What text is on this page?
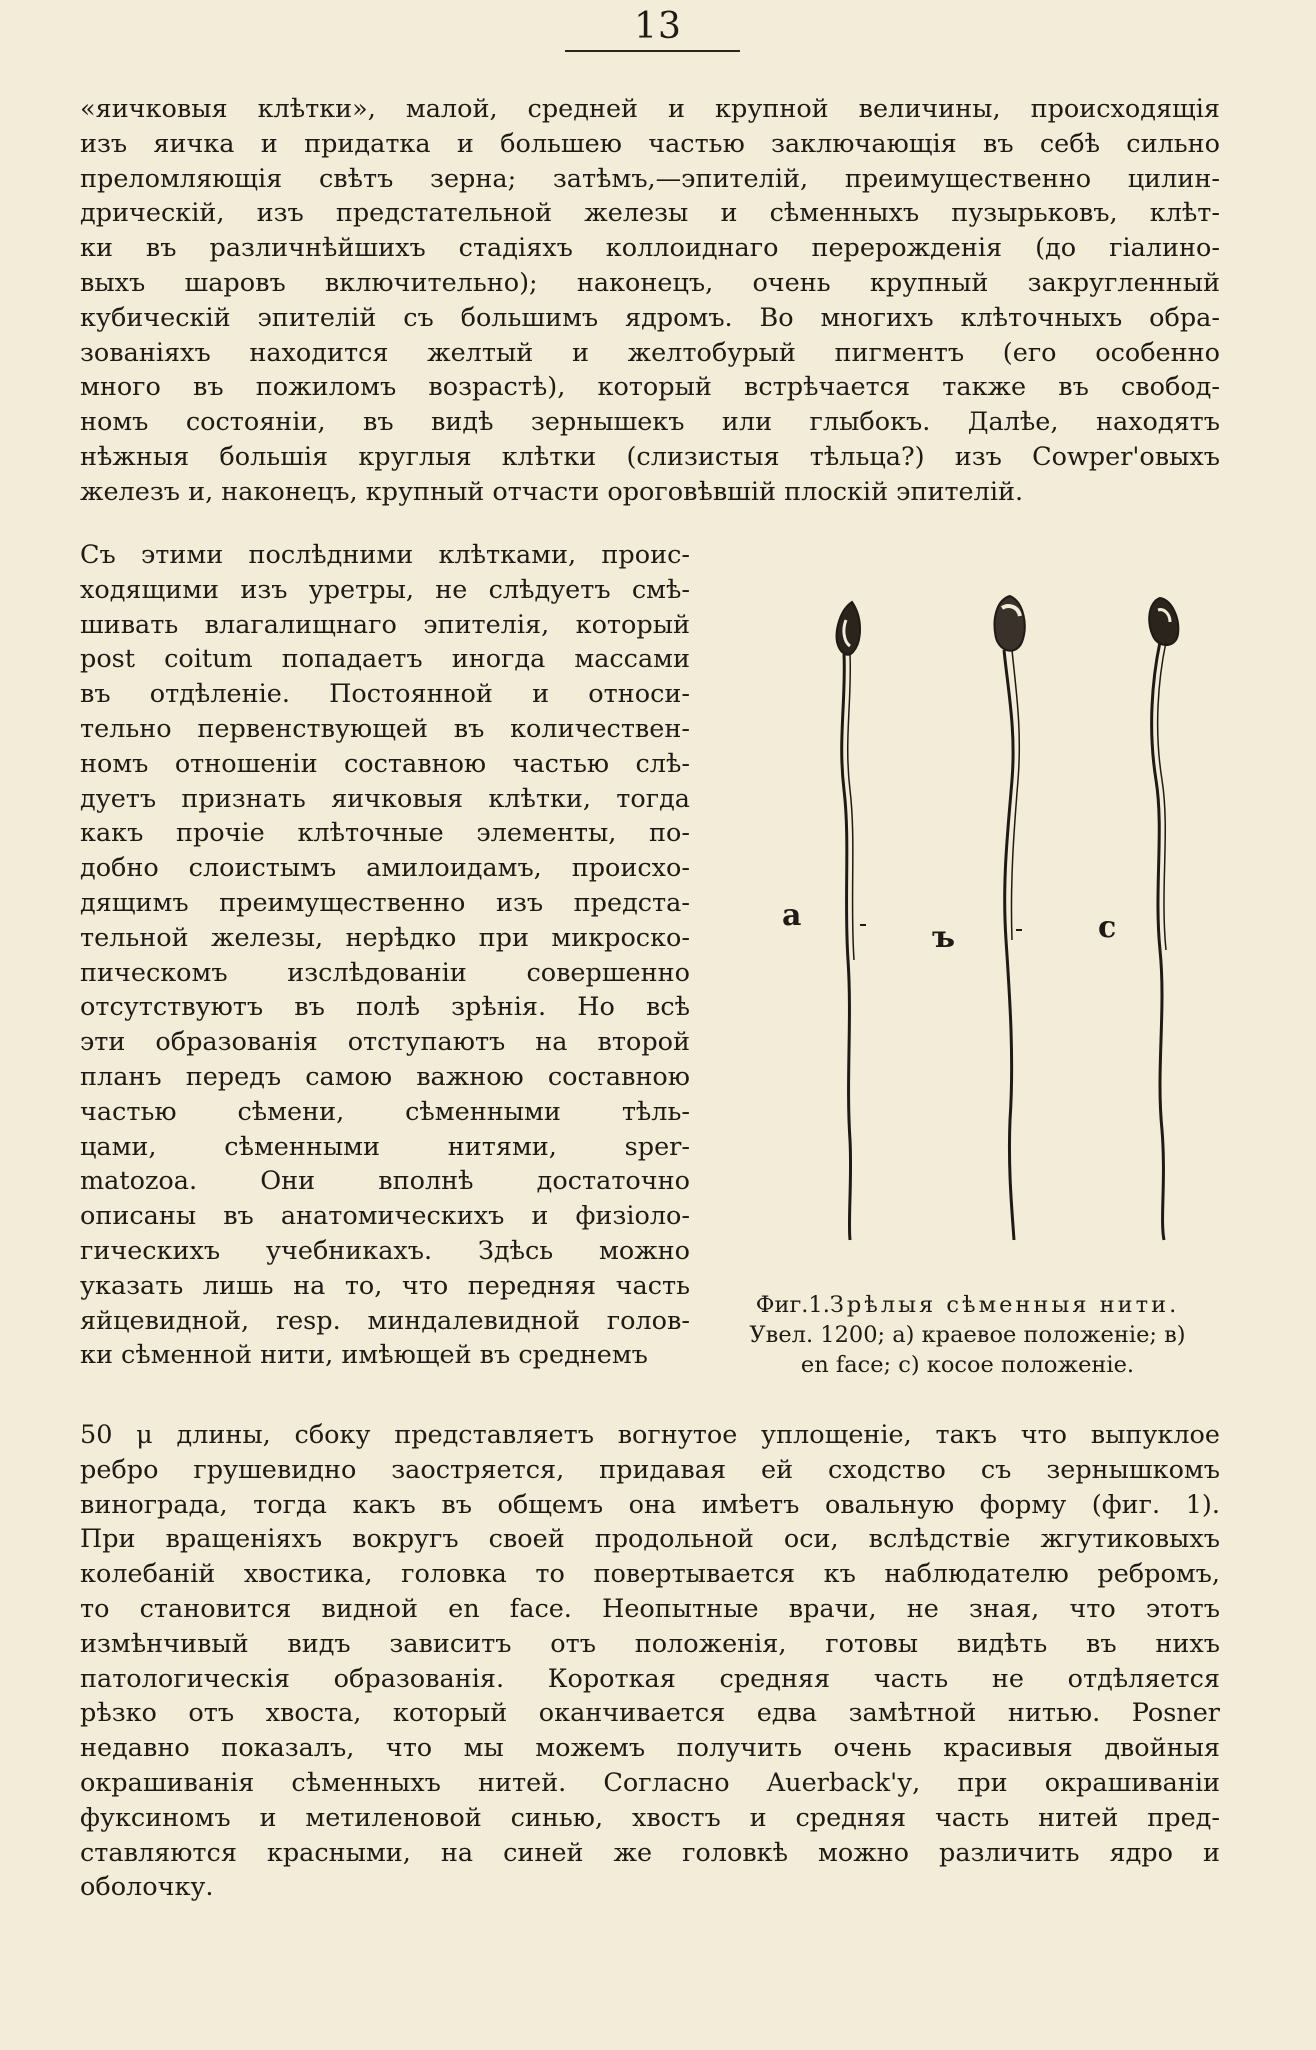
13
«яичковыя клѣтки», малой, средней и крупной величины, происходящія
изъ яичка и придатка и большею частью заключающія въ себѣ сильно
преломляющія свѣтъ зерна; затѣмъ,—эпителій, преимущественно цилин-
дрическій, изъ предстательной железы и сѣменныхъ пузырьковъ, клѣт-
ки въ различнѣйшихъ стадіяхъ коллоиднаго перерожденія (до гіалино-
выхъ шаровъ включительно); наконецъ, очень крупный закругленный
кубическій эпителій съ большимъ ядромъ. Во многихъ клѣточныхъ обра-
зованіяхъ находится желтый и желтобурый пигментъ (его особенно
много въ пожиломъ возрастѣ), который встрѣчается также въ свобод-
номъ состояніи, въ видѣ зернышекъ или глыбокъ. Далѣе, находятъ
нѣжныя большія круглыя клѣтки (слизистыя тѣльца?) изъ Cowper'овыхъ
железъ и, наконецъ, крупный отчасти ороговѣвшій плоскій эпителій.
Съ этими послѣдними клѣтками, проис-
ходящими изъ уретры, не слѣдуетъ смѣ-
шивать влагалищнаго эпителія, который
post coitum попадаетъ иногда массами
въ отдѣленіе. Постоянной и относи-
тельно первенствующей въ количествен-
номъ отношеніи составною частью слѣ-
дуетъ признать яичковыя клѣтки, тогда
какъ прочіе клѣточные элементы, по-
добно слоистымъ амилоидамъ, происхо-
дящимъ преимущественно изъ предста-
тельной железы, нерѣдко при микроско-
пическомъ изслѣдованіи совершенно
отсутствуютъ въ полѣ зрѣнія. Но всѣ
эти образованія отступаютъ на второй
планъ передъ самою важною составною
частью сѣмени, сѣменными тѣль-
цами, сѣменными нитями, sper-
matozoa. Они вполнѣ достаточно
описаны въ анатомическихъ и физіоло-
гическихъ учебникахъ. Здѣсь можно
указать лишь на то, что передняя часть
яйцевидной, resp. миндалевидной голов-
ки сѣменной нити, имѣющей въ среднемъ
a
ъ	c
Фиг.1.Зрѣлыя сѣменныя нити.
Увел. 1200; а) краевое положеніе; в)
en face; с) косое положеніе.
50 μ длины, сбоку представляетъ вогнутое уплощеніе, такъ что выпуклое
ребро грушевидно заостряется, придавая ей сходство съ зернышкомъ
винограда, тогда какъ въ общемъ она имѣетъ овальную форму (фиг. 1).
При вращеніяхъ вокругъ своей продольной оси, вслѣдствіе жгутиковыхъ
колебаній хвостика, головка то повертывается къ наблюдателю ребромъ,
то становится видной en face. Неопытные врачи, не зная, что этотъ
измѣнчивый видъ зависитъ отъ положенія, готовы видѣть въ нихъ
патологическія образованія. Короткая средняя часть не отдѣляется
рѣзко отъ хвоста, который оканчивается едва замѣтной нитью. Posner
недавно показалъ, что мы можемъ получить очень красивыя двойныя
окрашиванія сѣменныхъ нитей. Согласно Auerback'у, при окрашиваніи
фуксиномъ и метиленовой синью, хвостъ и средняя часть нитей пред-
ставляются красными, на синей же головкѣ можно различить ядро и
оболочку.
